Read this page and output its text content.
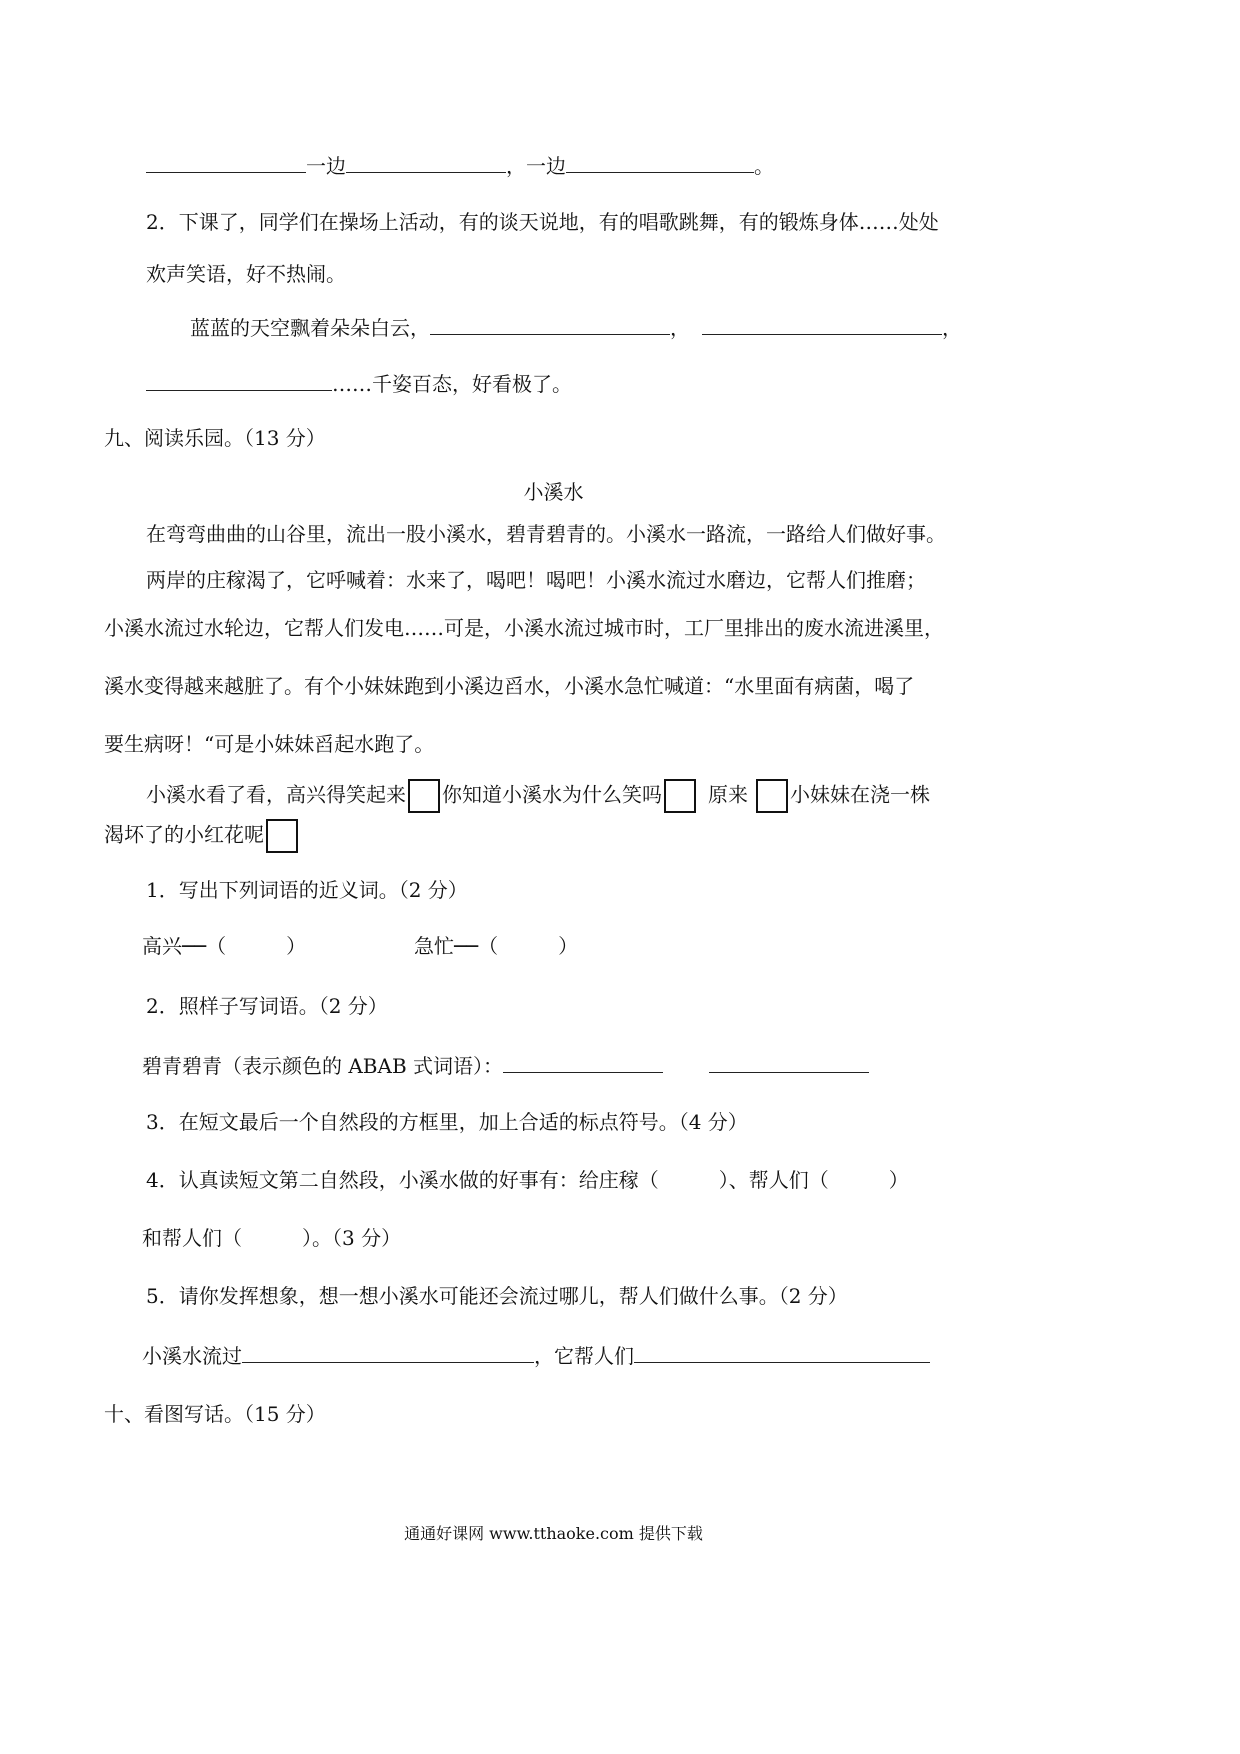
一边	，一边	。
2．下课了，同学们在操场上活动，有的谈天说地，有的唱歌跳舞，有的锻炼身体……处处
欢声笑语，好不热闹。
蓝蓝的天空飘着朵朵白云，	，	，
……千姿百态，好看极了。
九、阅读乐园。（13 分）
小溪水
在弯弯曲曲的山谷里，流出一股小溪水，碧青碧青的。小溪水一路流，一路给人们做好事。
两岸的庄稼渴了，它呼喊着：水来了，喝吧！喝吧！小溪水流过水磨边，它帮人们推磨；
小溪水流过水轮边，它帮人们发电……可是，小溪水流过城市时，工厂里排出的废水流进溪里，
溪水变得越来越脏了。有个小妹妹跑到小溪边舀水，小溪水急忙喊道：“水里面有病菌，喝了
要生病呀！“可是小妹妹舀起水跑了。
小溪水看了看，高兴得笑起来 你知道小溪水为什么笑吗 原来 小妹妹在浇一株
渴坏了的小红花呢
1．写出下列词语的近义词。（2 分）
高兴──（　　　）	急忙──（　　　）
2．照样子写词语。（2 分）
碧青碧青（表示颜色的 ABAB 式词语）：
3．在短文最后一个自然段的方框里，加上合适的标点符号。（4 分）
4．认真读短文第二自然段，小溪水做的好事有：给庄稼（　　　）、帮人们（　　　）
和帮人们（　　　）。（3 分）
5．请你发挥想象，想一想小溪水可能还会流过哪儿，帮人们做什么事。（2 分）
小溪水流过	，它帮人们
十、看图写话。（15 分）
通通好课网 www.tthaoke.com 提供下载
